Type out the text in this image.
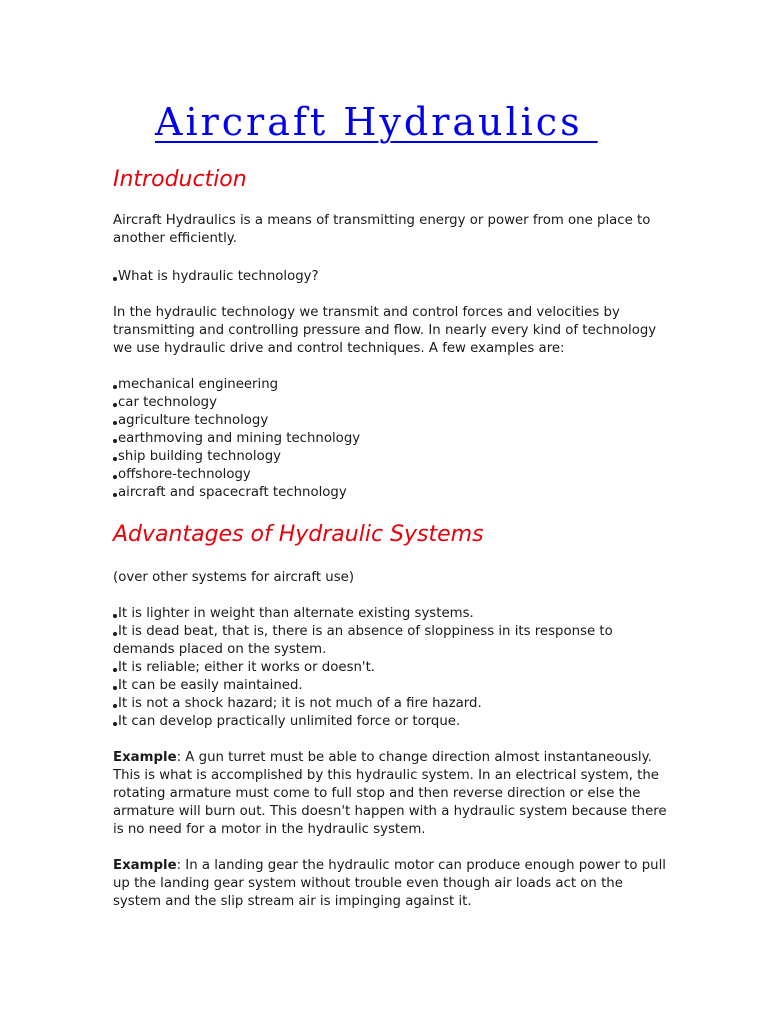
Aircraft Hydraulics
Introduction

Aircraft Hydraulics is a means of transmitting energy or power from one place to another efficiently.

What is hydraulic technology?

In the hydraulic technology we transmit and control forces and velocities by transmitting and controlling pressure and flow. In nearly every kind of technology we use hydraulic drive and control techniques. A few examples are:

mechanical engineering
car technology
agriculture technology
earthmoving and mining technology
ship building technology
offshore-technology
aircraft and spacecraft technology
Advantages of Hydraulic Systems

(over other systems for aircraft use)

It is lighter in weight than alternate existing systems.
It is dead beat, that is, there is an absence of sloppiness in its response to demands placed on the system.
It is reliable; either it works or doesn't.
It can be easily maintained.
It is not a shock hazard; it is not much of a fire hazard.
It can develop practically unlimited force or torque.

Example: A gun turret must be able to change direction almost instantaneously. This is what is accomplished by this hydraulic system. In an electrical system, the rotating armature must come to full stop and then reverse direction or else the armature will burn out. This doesn't happen with a hydraulic system because there is no need for a motor in the hydraulic system.

Example: In a landing gear the hydraulic motor can produce enough power to pull up the landing gear system without trouble even though air loads act on the system and the slip stream air is impinging against it.
